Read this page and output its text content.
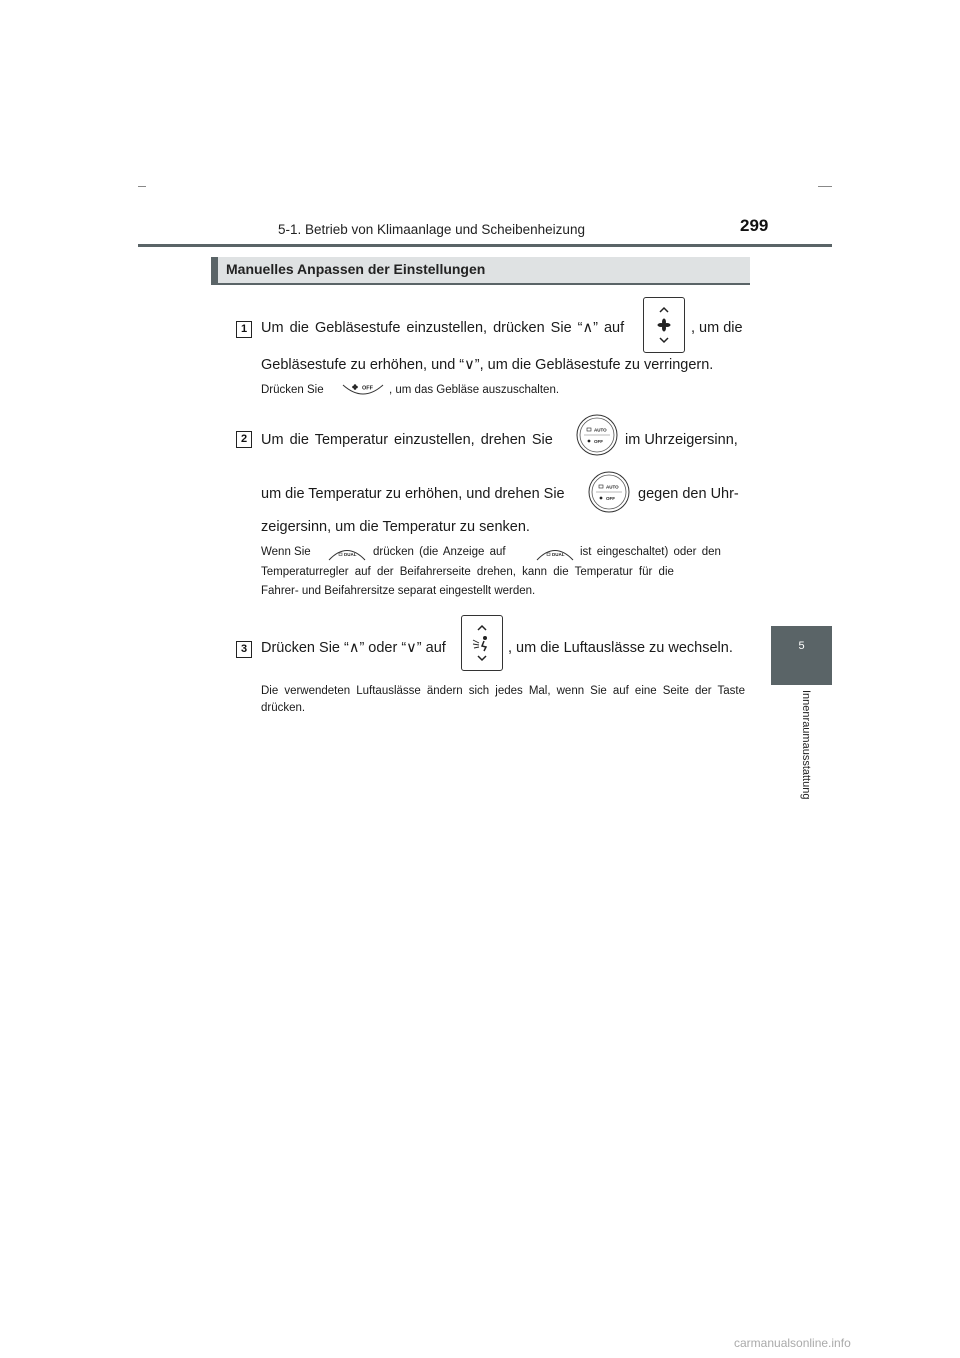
5-1. Betrieb von Klimaanlage und Scheibenheizung	299
5
Innenraumausstattung
Manuelles Anpassen der Einstellungen
1 Um die Gebläsestufe einzustellen, drücken Sie “∧” auf	, um die
Gebläsestufe zu erhöhen, und “∨”, um die Gebläsestufe zu verringern.
Drücken Sie	OFF , um das Gebläse auszuschalten.
2 Um die Temperatur einzustellen, drehen Sie
AUTO
OFF im Uhrzeigersinn,
um die Temperatur zu erhöhen, und drehen Sie	AUTO
OFF gegen den Uhr-
zeigersinn, um die Temperatur zu senken.
Wenn Sie	DUAL drücken (die Anzeige auf	DUAL ist eingeschaltet) oder den
Temperaturregler auf der Beifahrerseite drehen, kann die Temperatur für die
Fahrer- und Beifahrersitze separat eingestellt werden.
3 Drücken Sie “∧” oder “∨” auf	, um die Luftauslässe zu wechseln.
Die verwendeten Luftauslässe ändern sich jedes Mal, wenn Sie auf eine Seite der Taste drücken.
carmanualsonline.info
